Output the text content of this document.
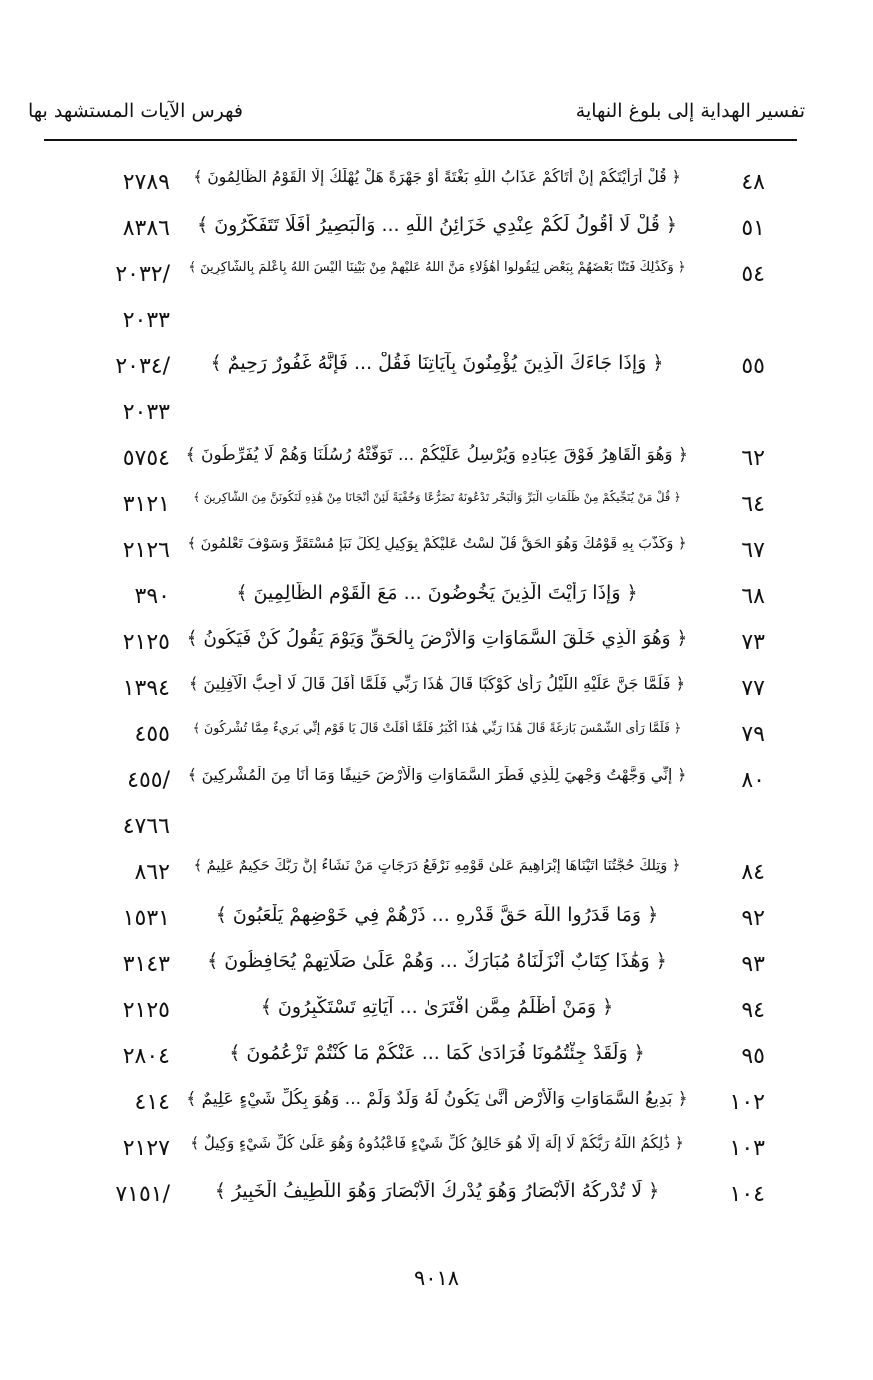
تفسير الهداية إلى بلوغ النهاية
فهرس الآيات المستشهد بها
٤٨
﴿ قُلْ أَرَأَيْتَكُمْ إِنْ أَتَاكُمْ عَذَابُ اللَّهِ بَغْتَةً أَوْ جَهْرَةً هَلْ يُهْلَكُ إِلَّا الْقَوْمُ الظَّالِمُونَ ﴾
٢٧٨٩
٥١
﴿ قُلْ لَا أَقُولُ لَكُمْ عِنْدِي خَزَائِنُ اللَّهِ ... وَالْبَصِيرُ أَفَلَا تَتَفَكَّرُونَ ﴾
٨٣٨٦
٥٤
﴿ وَكَذَٰلِكَ فَتَنَّا بَعْضَهُمْ بِبَعْضٍ لِيَقُولُوا أَهَٰؤُلَاءِ مَنَّ اللَّهُ عَلَيْهِمْ مِنْ بَيْنِنَا أَلَيْسَ اللَّهُ بِأَعْلَمَ بِالشَّاكِرِينَ ﴾
/٢٠٣٢
٢٠٣٣
٥٥
﴿ وَإِذَا جَاءَكَ الَّذِينَ يُؤْمِنُونَ بِآيَاتِنَا فَقُلْ ... فَإِنَّهُ غَفُورٌ رَحِيمٌ ﴾
/٢٠٣٤
٢٠٣٣
٦٢
﴿ وَهُوَ الْقَاهِرُ فَوْقَ عِبَادِهِ وَيُرْسِلُ عَلَيْكُمْ ... تَوَفَّتْهُ رُسُلُنَا وَهُمْ لَا يُفَرِّطُونَ ﴾
٥٧٥٤
٦٤
﴿ قُلْ مَنْ يُنَجِّيكُمْ مِنْ ظُلُمَاتِ الْبَرِّ وَالْبَحْرِ تَدْعُونَهُ تَضَرُّعًا وَخُفْيَةً لَئِنْ أَنْجَانَا مِنْ هَٰذِهِ لَنَكُونَنَّ مِنَ الشَّاكِرِينَ ﴾
٣١٢١
٦٧
﴿ وَكَذَّبَ بِهِ قَوْمُكَ وَهُوَ الْحَقُّ قُلْ لَسْتُ عَلَيْكُمْ بِوَكِيلٍ لِكُلِّ نَبَإٍ مُسْتَقَرٌّ وَسَوْفَ تَعْلَمُونَ ﴾
٢١٢٦
٦٨
﴿ وَإِذَا رَأَيْتَ الَّذِينَ يَخُوضُونَ ... مَعَ الْقَوْمِ الظَّالِمِينَ ﴾
٣٩٠
٧٣
﴿ وَهُوَ الَّذِي خَلَقَ السَّمَاوَاتِ وَالْأَرْضَ بِالْحَقِّ وَيَوْمَ يَقُولُ كُنْ فَيَكُونُ ﴾
٢١٢٥
٧٧
﴿ فَلَمَّا جَنَّ عَلَيْهِ اللَّيْلُ رَأَىٰ كَوْكَبًا قَالَ هَٰذَا رَبِّي فَلَمَّا أَفَلَ قَالَ لَا أُحِبُّ الْآفِلِينَ ﴾
١٣٩٤
٧٩
﴿ فَلَمَّا رَأَى الشَّمْسَ بَازِغَةً قَالَ هَٰذَا رَبِّي هَٰذَا أَكْبَرُ فَلَمَّا أَفَلَتْ قَالَ يَا قَوْمِ إِنِّي بَرِيءٌ مِمَّا تُشْرِكُونَ ﴾
٤٥٥
٨٠
﴿ إِنِّي وَجَّهْتُ وَجْهِيَ لِلَّذِي فَطَرَ السَّمَاوَاتِ وَالْأَرْضَ حَنِيفًا وَمَا أَنَا مِنَ الْمُشْرِكِينَ ﴾
/٤٥٥
٤٧٦٦
٨٤
﴿ وَتِلْكَ حُجَّتُنَا آتَيْنَاهَا إِبْرَاهِيمَ عَلَىٰ قَوْمِهِ نَرْفَعُ دَرَجَاتٍ مَنْ نَشَاءُ إِنَّ رَبَّكَ حَكِيمٌ عَلِيمٌ ﴾
٨٦٢
٩٢
﴿ وَمَا قَدَرُوا اللَّهَ حَقَّ قَدْرِهِ ... ذَرْهُمْ فِي خَوْضِهِمْ يَلْعَبُونَ ﴾
١٥٣١
٩٣
﴿ وَهَٰذَا كِتَابٌ أَنْزَلْنَاهُ مُبَارَكٌ ... وَهُمْ عَلَىٰ صَلَاتِهِمْ يُحَافِظُونَ ﴾
٣١٤٣
٩٤
﴿ وَمَنْ أَظْلَمُ مِمَّنِ افْتَرَىٰ ... آيَاتِهِ تَسْتَكْبِرُونَ ﴾
٢١٢٥
٩٥
﴿ وَلَقَدْ جِئْتُمُونَا فُرَادَىٰ كَمَا ... عَنْكُمْ مَا كُنْتُمْ تَزْعُمُونَ ﴾
٢٨٠٤
١٠٢
﴿ بَدِيعُ السَّمَاوَاتِ وَالْأَرْضِ أَنَّىٰ يَكُونُ لَهُ وَلَدٌ وَلَمْ ... وَهُوَ بِكُلِّ شَيْءٍ عَلِيمٌ ﴾
٤١٤
١٠٣
﴿ ذَٰلِكُمُ اللَّهُ رَبُّكُمْ لَا إِلَٰهَ إِلَّا هُوَ خَالِقُ كُلِّ شَيْءٍ فَاعْبُدُوهُ وَهُوَ عَلَىٰ كُلِّ شَيْءٍ وَكِيلٌ ﴾
٢١٢٧
١٠٤
﴿ لَا تُدْرِكُهُ الْأَبْصَارُ وَهُوَ يُدْرِكُ الْأَبْصَارَ وَهُوَ اللَّطِيفُ الْخَبِيرُ ﴾
/٧١٥١
٩٠١٨
